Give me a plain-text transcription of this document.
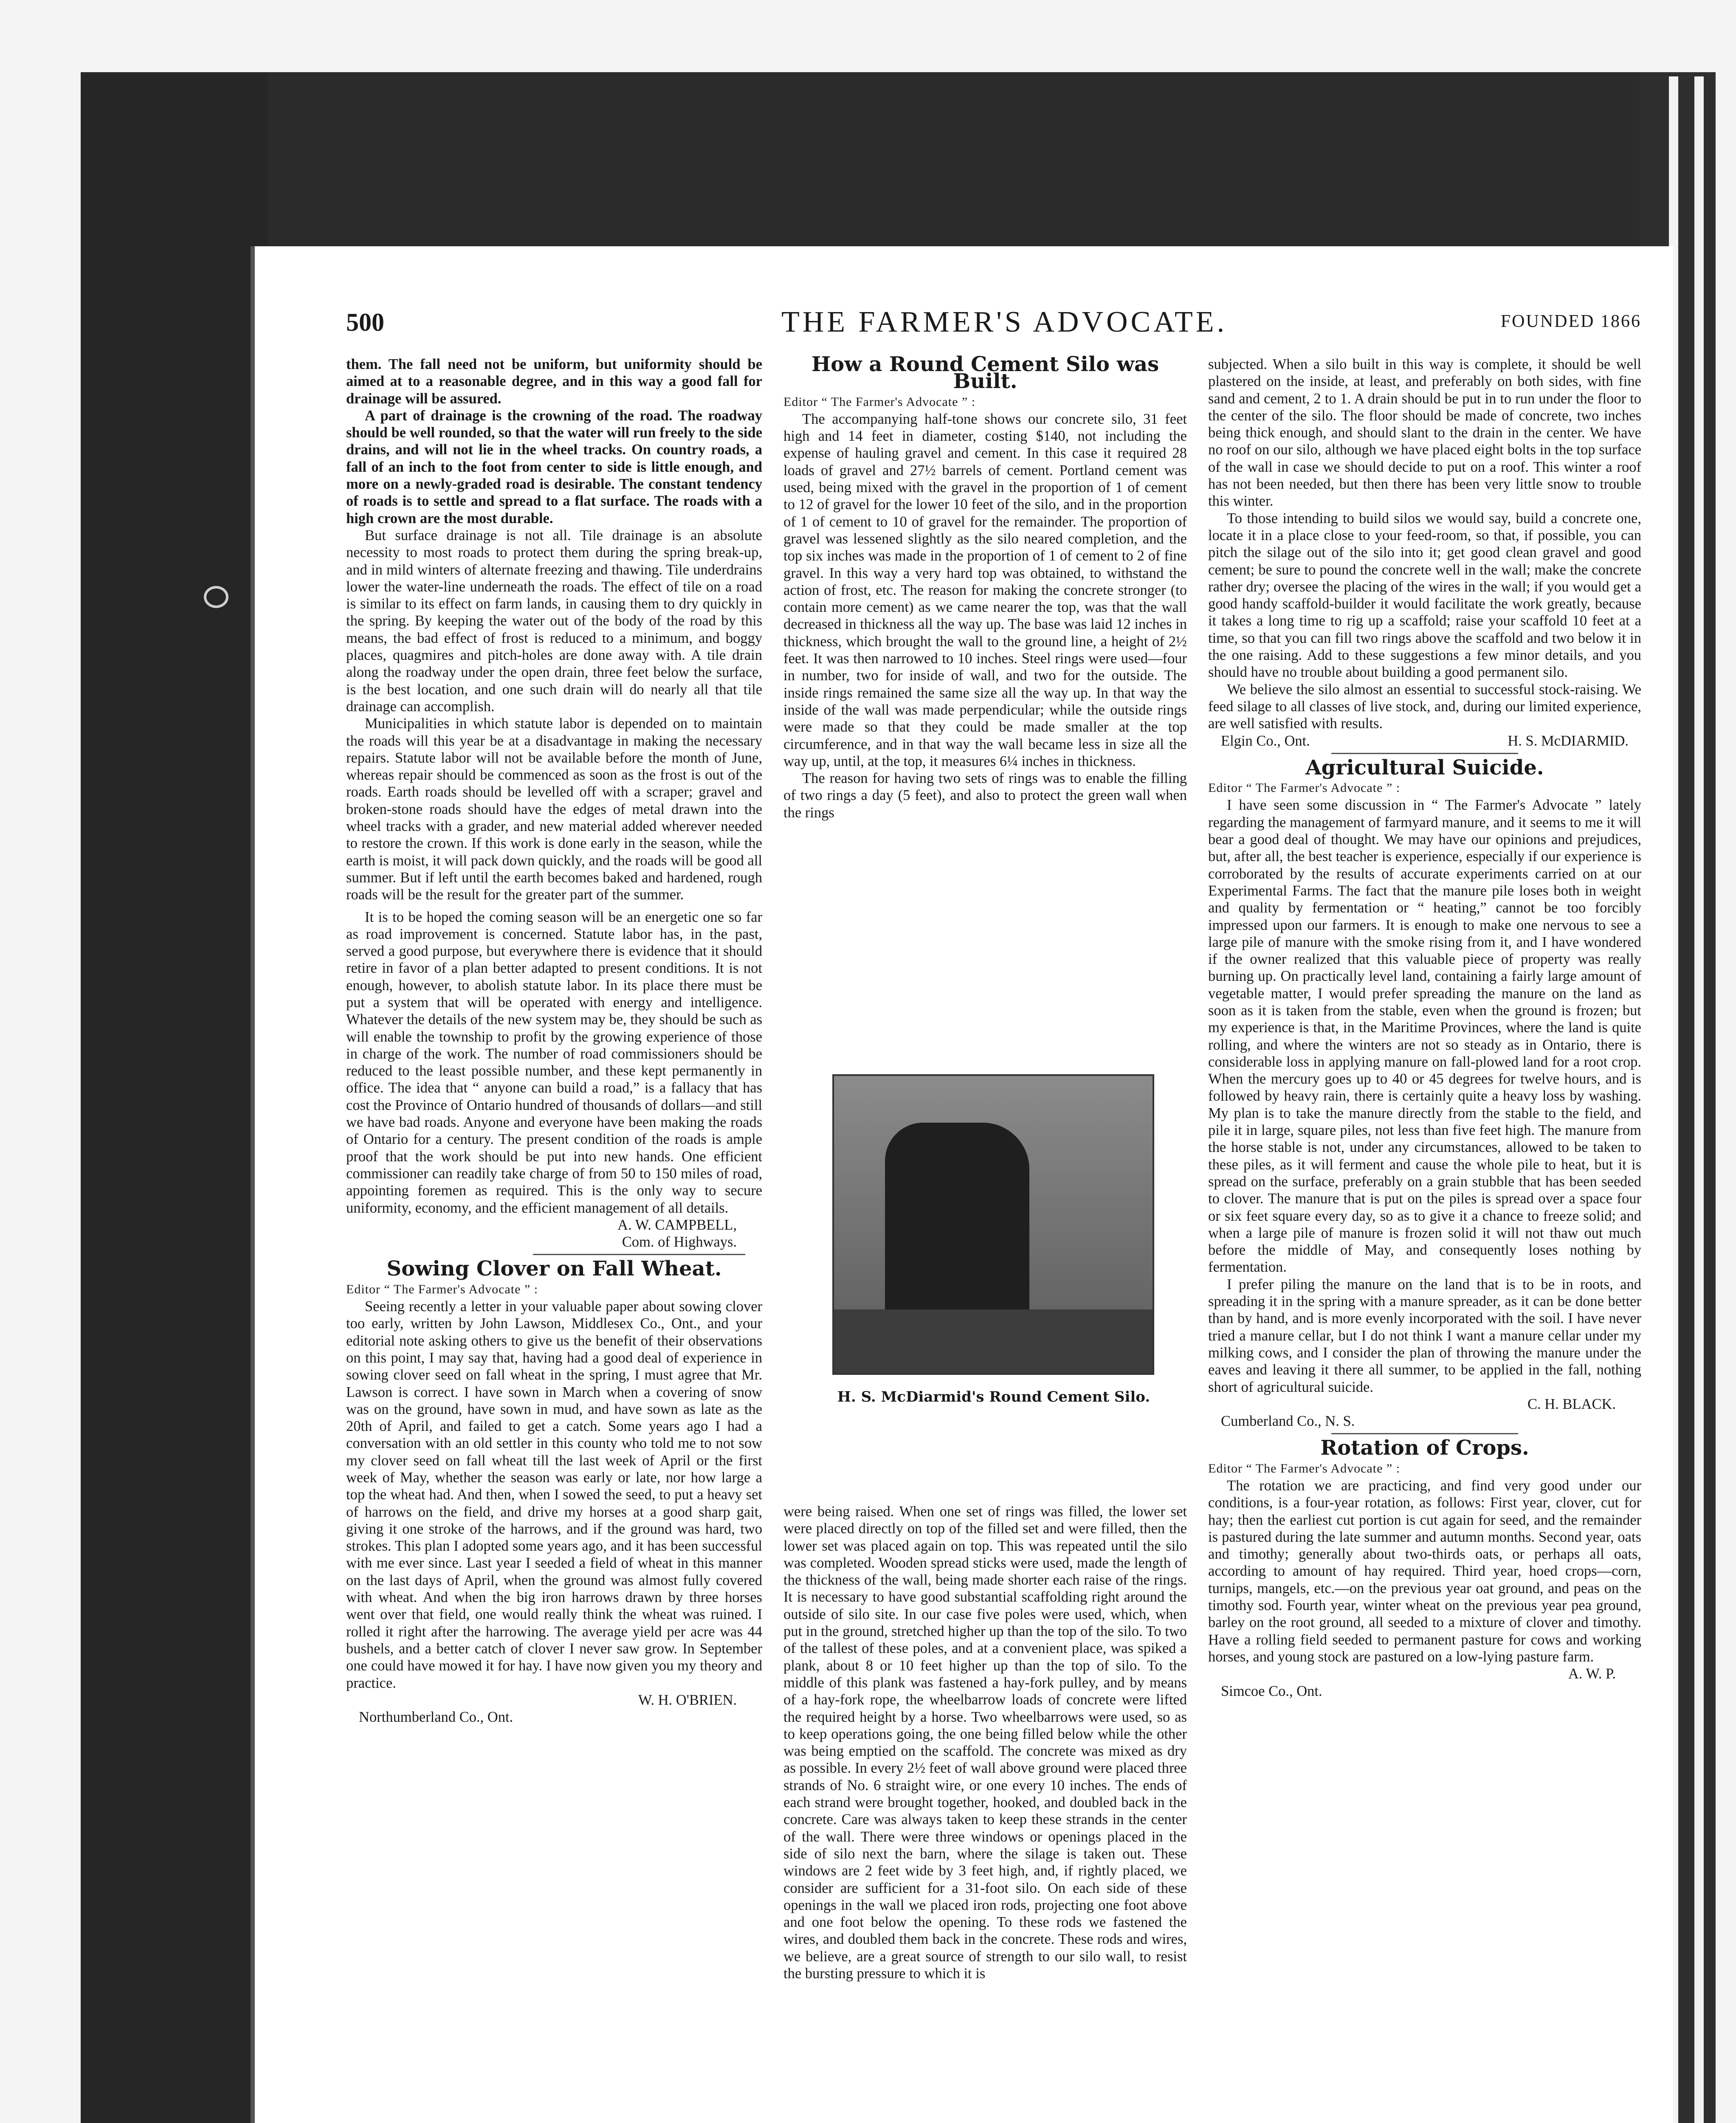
500	THE FARMER'S ADVOCATE.	FOUNDED 1866

them. The fall need not be uniform, but uniformity should be aimed at to a reasonable degree, and in this way a good fall for drainage will be assured.

A part of drainage is the crowning of the road. The roadway should be well rounded, so that the water will run freely to the side drains, and will not lie in the wheel tracks. On country roads, a fall of an inch to the foot from center to side is little enough, and more on a newly-graded road is desirable. The constant tendency of roads is to settle and spread to a flat surface. The roads with a high crown are the most durable.

But surface drainage is not all. Tile drainage is an absolute necessity to most roads to protect them during the spring break-up, and in mild winters of alternate freezing and thawing. Tile underdrains lower the water-line underneath the roads. The effect of tile on a road is similar to its effect on farm lands, in causing them to dry quickly in the spring. By keeping the water out of the body of the road by this means, the bad effect of frost is reduced to a minimum, and boggy places, quagmires and pitch-holes are done away with. A tile drain along the roadway under the open drain, three feet below the surface, is the best location, and one such drain will do nearly all that tile drainage can accomplish.

Municipalities in which statute labor is depended on to maintain the roads will this year be at a disadvantage in making the necessary repairs. Statute labor will not be available before the month of June, whereas repair should be commenced as soon as the frost is out of the roads. Earth roads should be levelled off with a scraper; gravel and broken-stone roads should have the edges of metal drawn into the wheel tracks with a grader, and new material added wherever needed to restore the crown. If this work is done early in the season, while the earth is moist, it will pack down quickly, and the roads will be good all summer. But if left until the earth becomes baked and hardened, rough roads will be the result for the greater part of the summer.

It is to be hoped the coming season will be an energetic one so far as road improvement is concerned. Statute labor has, in the past, served a good purpose, but everywhere there is evidence that it should retire in favor of a plan better adapted to present conditions. It is not enough, however, to abolish statute labor. In its place there must be put a system that will be operated with energy and intelligence. Whatever the details of the new system may be, they should be such as will enable the township to profit by the growing experience of those in charge of the work. The number of road commissioners should be reduced to the least possible number, and these kept permanently in office. The idea that “ anyone can build a road,” is a fallacy that has cost the Province of Ontario hundred of thousands of dollars—and still we have bad roads. Anyone and everyone have been making the roads of Ontario for a century. The present condition of the roads is ample proof that the work should be put into new hands. One efficient commissioner can readily take charge of from 50 to 150 miles of road, appointing foremen as required. This is the only way to secure uniformity, economy, and the efficient management of all details.

A. W. CAMPBELL,

Com. of Highways.

Sowing Clover on Fall Wheat.

Editor “ The Farmer's Advocate ” :

Seeing recently a letter in your valuable paper about sowing clover too early, written by John Lawson, Middlesex Co., Ont., and your editorial note asking others to give us the benefit of their observations on this point, I may say that, having had a good deal of experience in sowing clover seed on fall wheat in the spring, I must agree that Mr. Lawson is correct. I have sown in March when a covering of snow was on the ground, have sown in mud, and have sown as late as the 20th of April, and failed to get a catch. Some years ago I had a conversation with an old settler in this county who told me to not sow my clover seed on fall wheat till the last week of April or the first week of May, whether the season was early or late, nor how large a top the wheat had. And then, when I sowed the seed, to put a heavy set of harrows on the field, and drive my horses at a good sharp gait, giving it one stroke of the harrows, and if the ground was hard, two strokes. This plan I adopted some years ago, and it has been successful with me ever since. Last year I seeded a field of wheat in this manner on the last days of April, when the ground was almost fully covered with wheat. And when the big iron harrows drawn by three horses went over that field, one would really think the wheat was ruined. I rolled it right after the harrowing. The average yield per acre was 44 bushels, and a better catch of clover I never saw grow. In September one could have mowed it for hay. I have now given you my theory and practice.

W. H. O'BRIEN.

Northumberland Co., Ont.

How a Round Cement Silo was Built.

Editor “ The Farmer's Advocate ” :

The accompanying half-tone shows our concrete silo, 31 feet high and 14 feet in diameter, costing $140, not including the expense of hauling gravel and cement. In this case it required 28 loads of gravel and 27½ barrels of cement. Portland cement was used, being mixed with the gravel in the proportion of 1 of cement to 12 of gravel for the lower 10 feet of the silo, and in the proportion of 1 of cement to 10 of gravel for the remainder. The proportion of gravel was lessened slightly as the silo neared completion, and the top six inches was made in the proportion of 1 of cement to 2 of fine gravel. In this way a very hard top was obtained, to withstand the action of frost, etc. The reason for making the concrete stronger (to contain more cement) as we came nearer the top, was that the wall decreased in thickness all the way up. The base was laid 12 inches in thickness, which brought the wall to the ground line, a height of 2½ feet. It was then narrowed to 10 inches. Steel rings were used—four in number, two for inside of wall, and two for the outside. The inside rings remained the same size all the way up. In that way the inside of the wall was made perpendicular; while the outside rings were made so that they could be made smaller at the top circumference, and in that way the wall became less in size all the way up, until, at the top, it measures 6¼ inches in thickness.

The reason for having two sets of rings was to enable the filling of two rings a day (5 feet), and also to protect the green wall when the rings

H. S. McDiarmid's Round Cement Silo.

were being raised. When one set of rings was filled, the lower set were placed directly on top of the filled set and were filled, then the lower set was placed again on top. This was repeated until the silo was completed. Wooden spread sticks were used, made the length of the thickness of the wall, being made shorter each raise of the rings. It is necessary to have good substantial scaffolding right around the outside of silo site. In our case five poles were used, which, when put in the ground, stretched higher up than the top of the silo. To two of the tallest of these poles, and at a convenient place, was spiked a plank, about 8 or 10 feet higher up than the top of silo. To the middle of this plank was fastened a hay-fork pulley, and by means of a hay-fork rope, the wheelbarrow loads of concrete were lifted the required height by a horse. Two wheelbarrows were used, so as to keep operations going, the one being filled below while the other was being emptied on the scaffold. The concrete was mixed as dry as possible. In every 2½ feet of wall above ground were placed three strands of No. 6 straight wire, or one every 10 inches. The ends of each strand were brought together, hooked, and doubled back in the concrete. Care was always taken to keep these strands in the center of the wall. There were three windows or openings placed in the side of silo next the barn, where the silage is taken out. These windows are 2 feet wide by 3 feet high, and, if rightly placed, we consider are sufficient for a 31-foot silo. On each side of these openings in the wall we placed iron rods, projecting one foot above and one foot below the opening. To these rods we fastened the wires, and doubled them back in the concrete. These rods and wires, we believe, are a great source of strength to our silo wall, to resist the bursting pressure to which it is

subjected. When a silo built in this way is complete, it should be well plastered on the inside, at least, and preferably on both sides, with fine sand and cement, 2 to 1. A drain should be put in to run under the floor to the center of the silo. The floor should be made of concrete, two inches being thick enough, and should slant to the drain in the center. We have no roof on our silo, although we have placed eight bolts in the top surface of the wall in case we should decide to put on a roof. This winter a roof has not been needed, but then there has been very little snow to trouble this winter.

To those intending to build silos we would say, build a concrete one, locate it in a place close to your feed-room, so that, if possible, you can pitch the silage out of the silo into it; get good clean gravel and good cement; be sure to pound the concrete well in the wall; make the concrete rather dry; oversee the placing of the wires in the wall; if you would get a good handy scaffold-builder it would facilitate the work greatly, because it takes a long time to rig up a scaffold; raise your scaffold 10 feet at a time, so that you can fill two rings above the scaffold and two below it in the one raising. Add to these suggestions a few minor details, and you should have no trouble about building a good permanent silo.

We believe the silo almost an essential to successful stock-raising. We feed silage to all classes of live stock, and, during our limited experience, are well satisfied with results.

Elgin Co., Ont.	H. S. McDIARMID.
Agricultural Suicide.

Editor “ The Farmer's Advocate ” :

I have seen some discussion in “ The Farmer's Advocate ” lately regarding the management of farmyard manure, and it seems to me it will bear a good deal of thought. We may have our opinions and prejudices, but, after all, the best teacher is experience, especially if our experience is corroborated by the results of accurate experiments carried on at our Experimental Farms. The fact that the manure pile loses both in weight and quality by fermentation or “ heating,” cannot be too forcibly impressed upon our farmers. It is enough to make one nervous to see a large pile of manure with the smoke rising from it, and I have wondered if the owner realized that this valuable piece of property was really burning up. On practically level land, containing a fairly large amount of vegetable matter, I would prefer spreading the manure on the land as soon as it is taken from the stable, even when the ground is frozen; but my experience is that, in the Maritime Provinces, where the land is quite rolling, and where the winters are not so steady as in Ontario, there is considerable loss in applying manure on fall-plowed land for a root crop. When the mercury goes up to 40 or 45 degrees for twelve hours, and is followed by heavy rain, there is certainly quite a heavy loss by washing. My plan is to take the manure directly from the stable to the field, and pile it in large, square piles, not less than five feet high. The manure from the horse stable is not, under any circumstances, allowed to be taken to these piles, as it will ferment and cause the whole pile to heat, but it is spread on the surface, preferably on a grain stubble that has been seeded to clover. The manure that is put on the piles is spread over a space four or six feet square every day, so as to give it a chance to freeze solid; and when a large pile of manure is frozen solid it will not thaw out much before the middle of May, and consequently loses nothing by fermentation.

I prefer piling the manure on the land that is to be in roots, and spreading it in the spring with a manure spreader, as it can be done better than by hand, and is more evenly incorporated with the soil. I have never tried a manure cellar, but I do not think I want a manure cellar under my milking cows, and I consider the plan of throwing the manure under the eaves and leaving it there all summer, to be applied in the fall, nothing short of agricultural suicide.

C. H. BLACK.

Cumberland Co., N. S.

Rotation of Crops.

Editor “ The Farmer's Advocate ” :

The rotation we are practicing, and find very good under our conditions, is a four-year rotation, as follows: First year, clover, cut for hay; then the earliest cut portion is cut again for seed, and the remainder is pastured during the late summer and autumn months. Second year, oats and timothy; generally about two-thirds oats, or perhaps all oats, according to amount of hay required. Third year, hoed crops—corn, turnips, mangels, etc.—on the previous year oat ground, and peas on the timothy sod. Fourth year, winter wheat on the previous year pea ground, barley on the root ground, all seeded to a mixture of clover and timothy. Have a rolling field seeded to permanent pasture for cows and working horses, and young stock are pastured on a low-lying pasture farm.

A. W. P.

Simcoe Co., Ont.
